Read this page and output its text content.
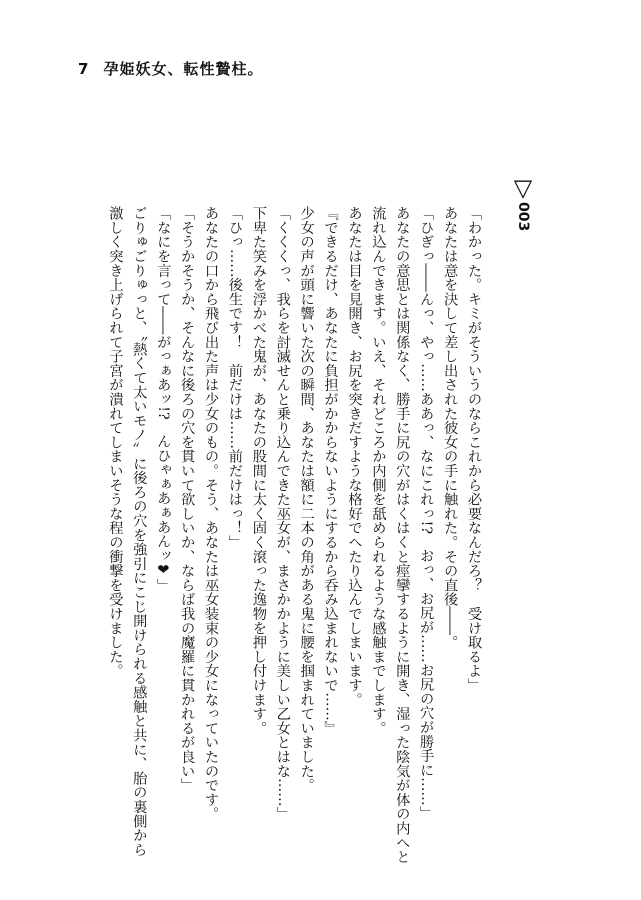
7 孕姫妖女、転性贄柱。
▽
003

「わかった。キミがそういうのならこれから必要なんだろ？　受け取るよ」

あなたは意を決して差し出された彼女の手に触れた。その直後――。

「ひぎっ――んっ、やっ……ああっ、なにこれっ!?　おっ、お尻が……お尻の穴が勝手に……」

あなたの意思とは関係なく、勝手に尻の穴がはくはくと痙攣するように開き、湿った陰気が体の内へと

流れ込んできます。いえ、それどころか内側を舐められるような感触までします。

あなたは目を見開き、お尻を突きだすような格好でへたり込んでしまいます。

『できるだけ、あなたに負担がかからないようにするから呑み込まれないで……』

少女の声が頭に響いた次の瞬間、あなたは額に二本の角がある鬼に腰を掴まれていました。

「くくくっ、我らを討滅せんと乗り込んできた巫女が、まさかかように美しい乙女とはな……」

下卑た笑みを浮かべた鬼が、あなたの股間に太く固く滾った逸物を押し付けます。

「ひっ……後生です！　前だけは……前だけはっ！」

あなたの口から飛び出た声は少女のもの。そう、あなたは巫女装束の少女になっていたのです。

「そうかそうか、そんなに後ろの穴を貫いて欲しいか、ならば我の魔羅に貫かれるが良い」

「なにを言って――がっぁあッ!?　んひゃぁあぁあんッ❤」

ごりゅごりゅっと、〝熱くて太いモノ〟に後ろの穴を強引にこじ開けられる感触と共に、胎の裏側から

激しく突き上げられて子宮が潰れてしまいそうな程の衝撃を受けました。
